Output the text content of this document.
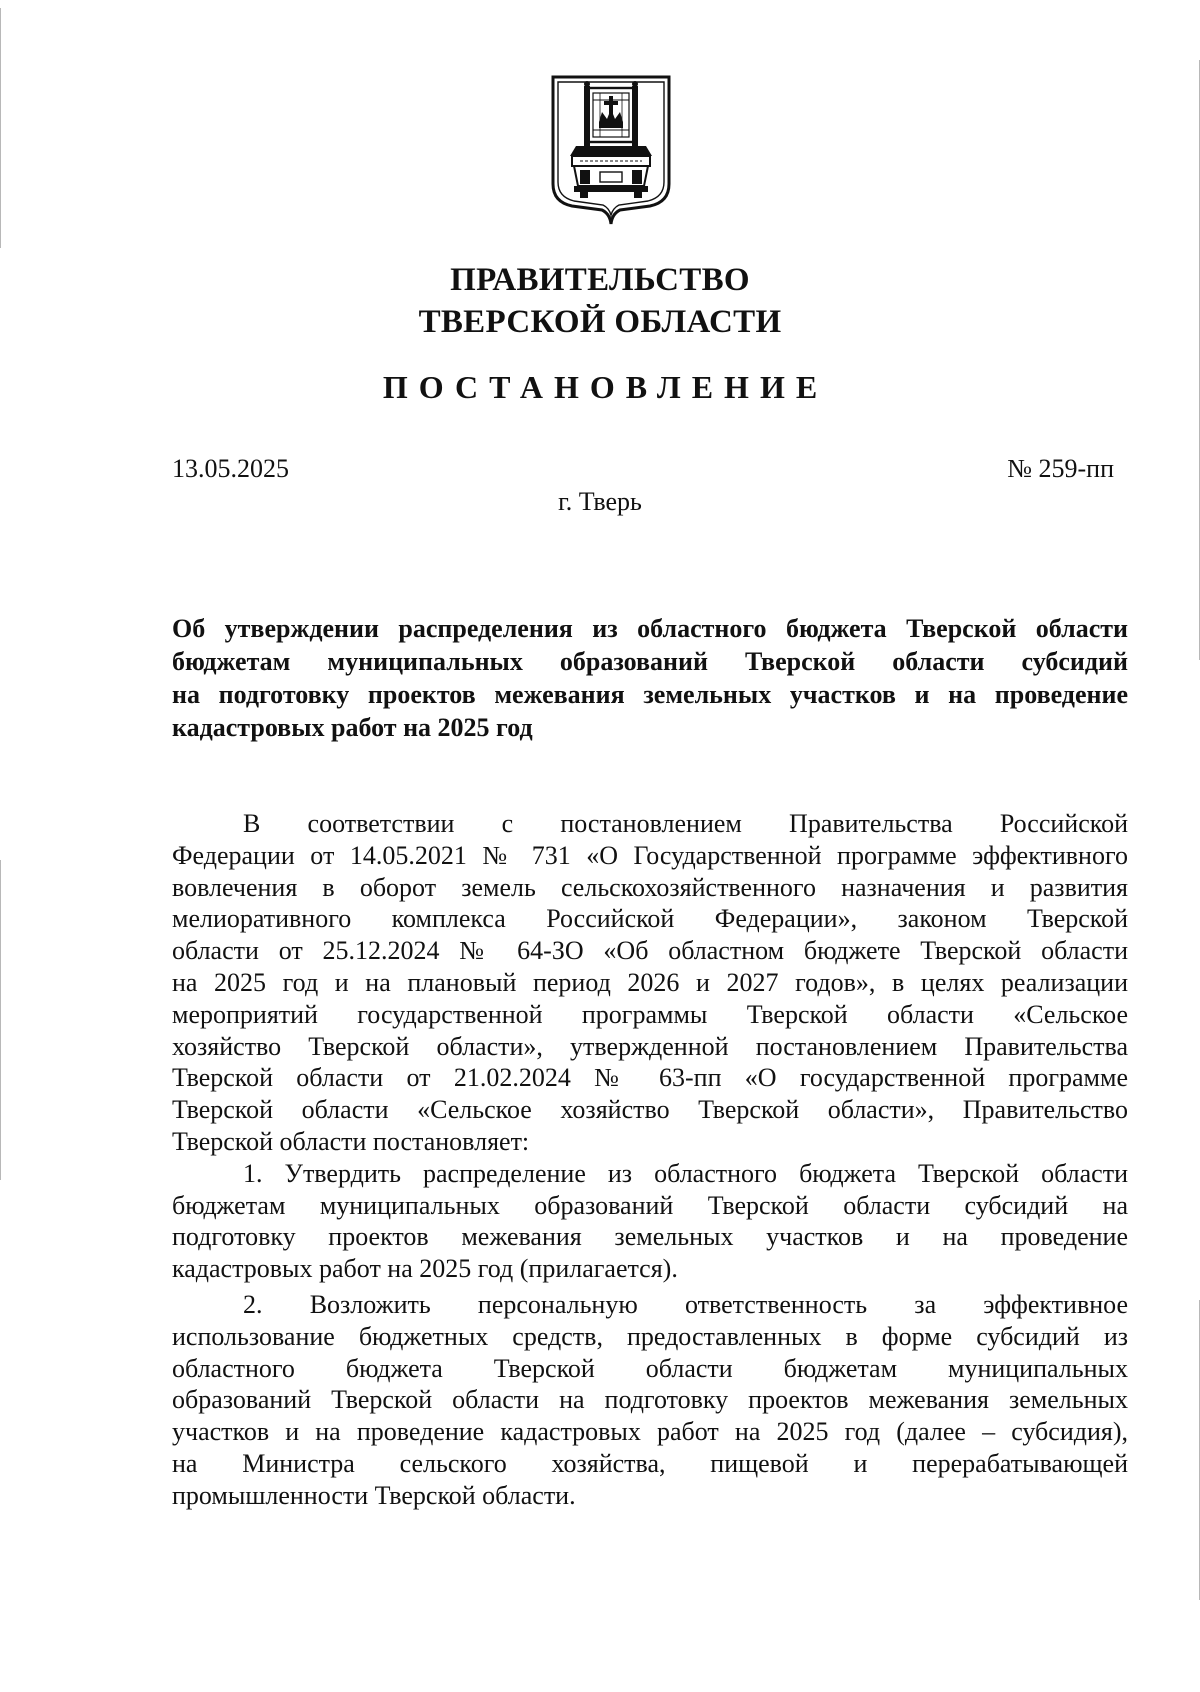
ПРАВИТЕЛЬСТВО
ТВЕРСКОЙ ОБЛАСТИ
ПОСТАНОВЛЕНИЕ
13.05.2025	№ 259-пп
г. Тверь
Об утверждении распределения из областного бюджета Тверской области
бюджетам муниципальных образований Тверской области субсидий
на подготовку проектов межевания земельных участков и на проведение
кадастровых работ на 2025 год
В соответствии с постановлением Правительства Российской
Федерации от 14.05.2021 № 731 «О Государственной программе эффективного
вовлечения в оборот земель сельскохозяйственного назначения и развития
мелиоративного комплекса Российской Федерации», законом Тверской
области от 25.12.2024 № 64-ЗО «Об областном бюджете Тверской области
на 2025 год и на плановый период 2026 и 2027 годов», в целях реализации
мероприятий государственной программы Тверской области «Сельское
хозяйство Тверской области», утвержденной постановлением Правительства
Тверской области от 21.02.2024 № 63-пп «О государственной программе
Тверской области «Сельское хозяйство Тверской области», Правительство
Тверской области постановляет:
1. Утвердить распределение из областного бюджета Тверской области
бюджетам муниципальных образований Тверской области субсидий на
подготовку проектов межевания земельных участков и на проведение
кадастровых работ на 2025 год (прилагается).
2. Возложить персональную ответственность за эффективное
использование бюджетных средств, предоставленных в форме субсидий из
областного бюджета Тверской области бюджетам муниципальных
образований Тверской области на подготовку проектов межевания земельных
участков и на проведение кадастровых работ на 2025 год (далее – субсидия),
на Министра сельского хозяйства, пищевой и перерабатывающей
промышленности Тверской области.
